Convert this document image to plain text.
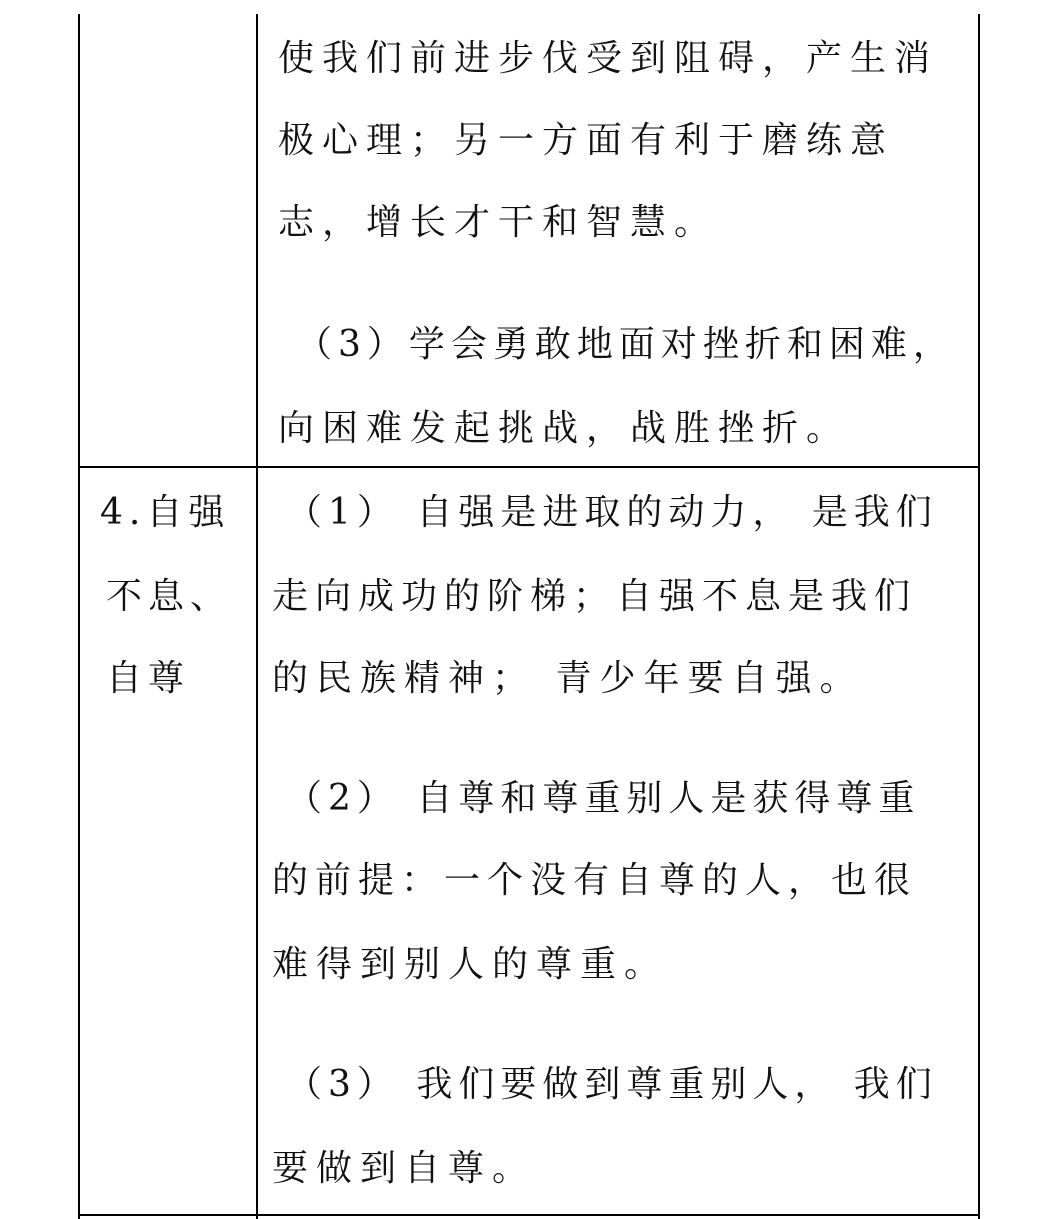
使我们前进步伐受到阻碍，产生消
极心理；另一方面有利于磨练意
志，增长才干和智慧。
（3）学会勇敢地面对挫折和困难，
向困难发起挑战，战胜挫折。
4.自强
不息、
自尊
（1） 自强是进取的动力， 是我们
走向成功的阶梯；自强不息是我们
的民族精神； 青少年要自强。
（2） 自尊和尊重别人是获得尊重
的前提：一个没有自尊的人，也很
难得到别人的尊重。
（3） 我们要做到尊重别人， 我们
要做到自尊。
